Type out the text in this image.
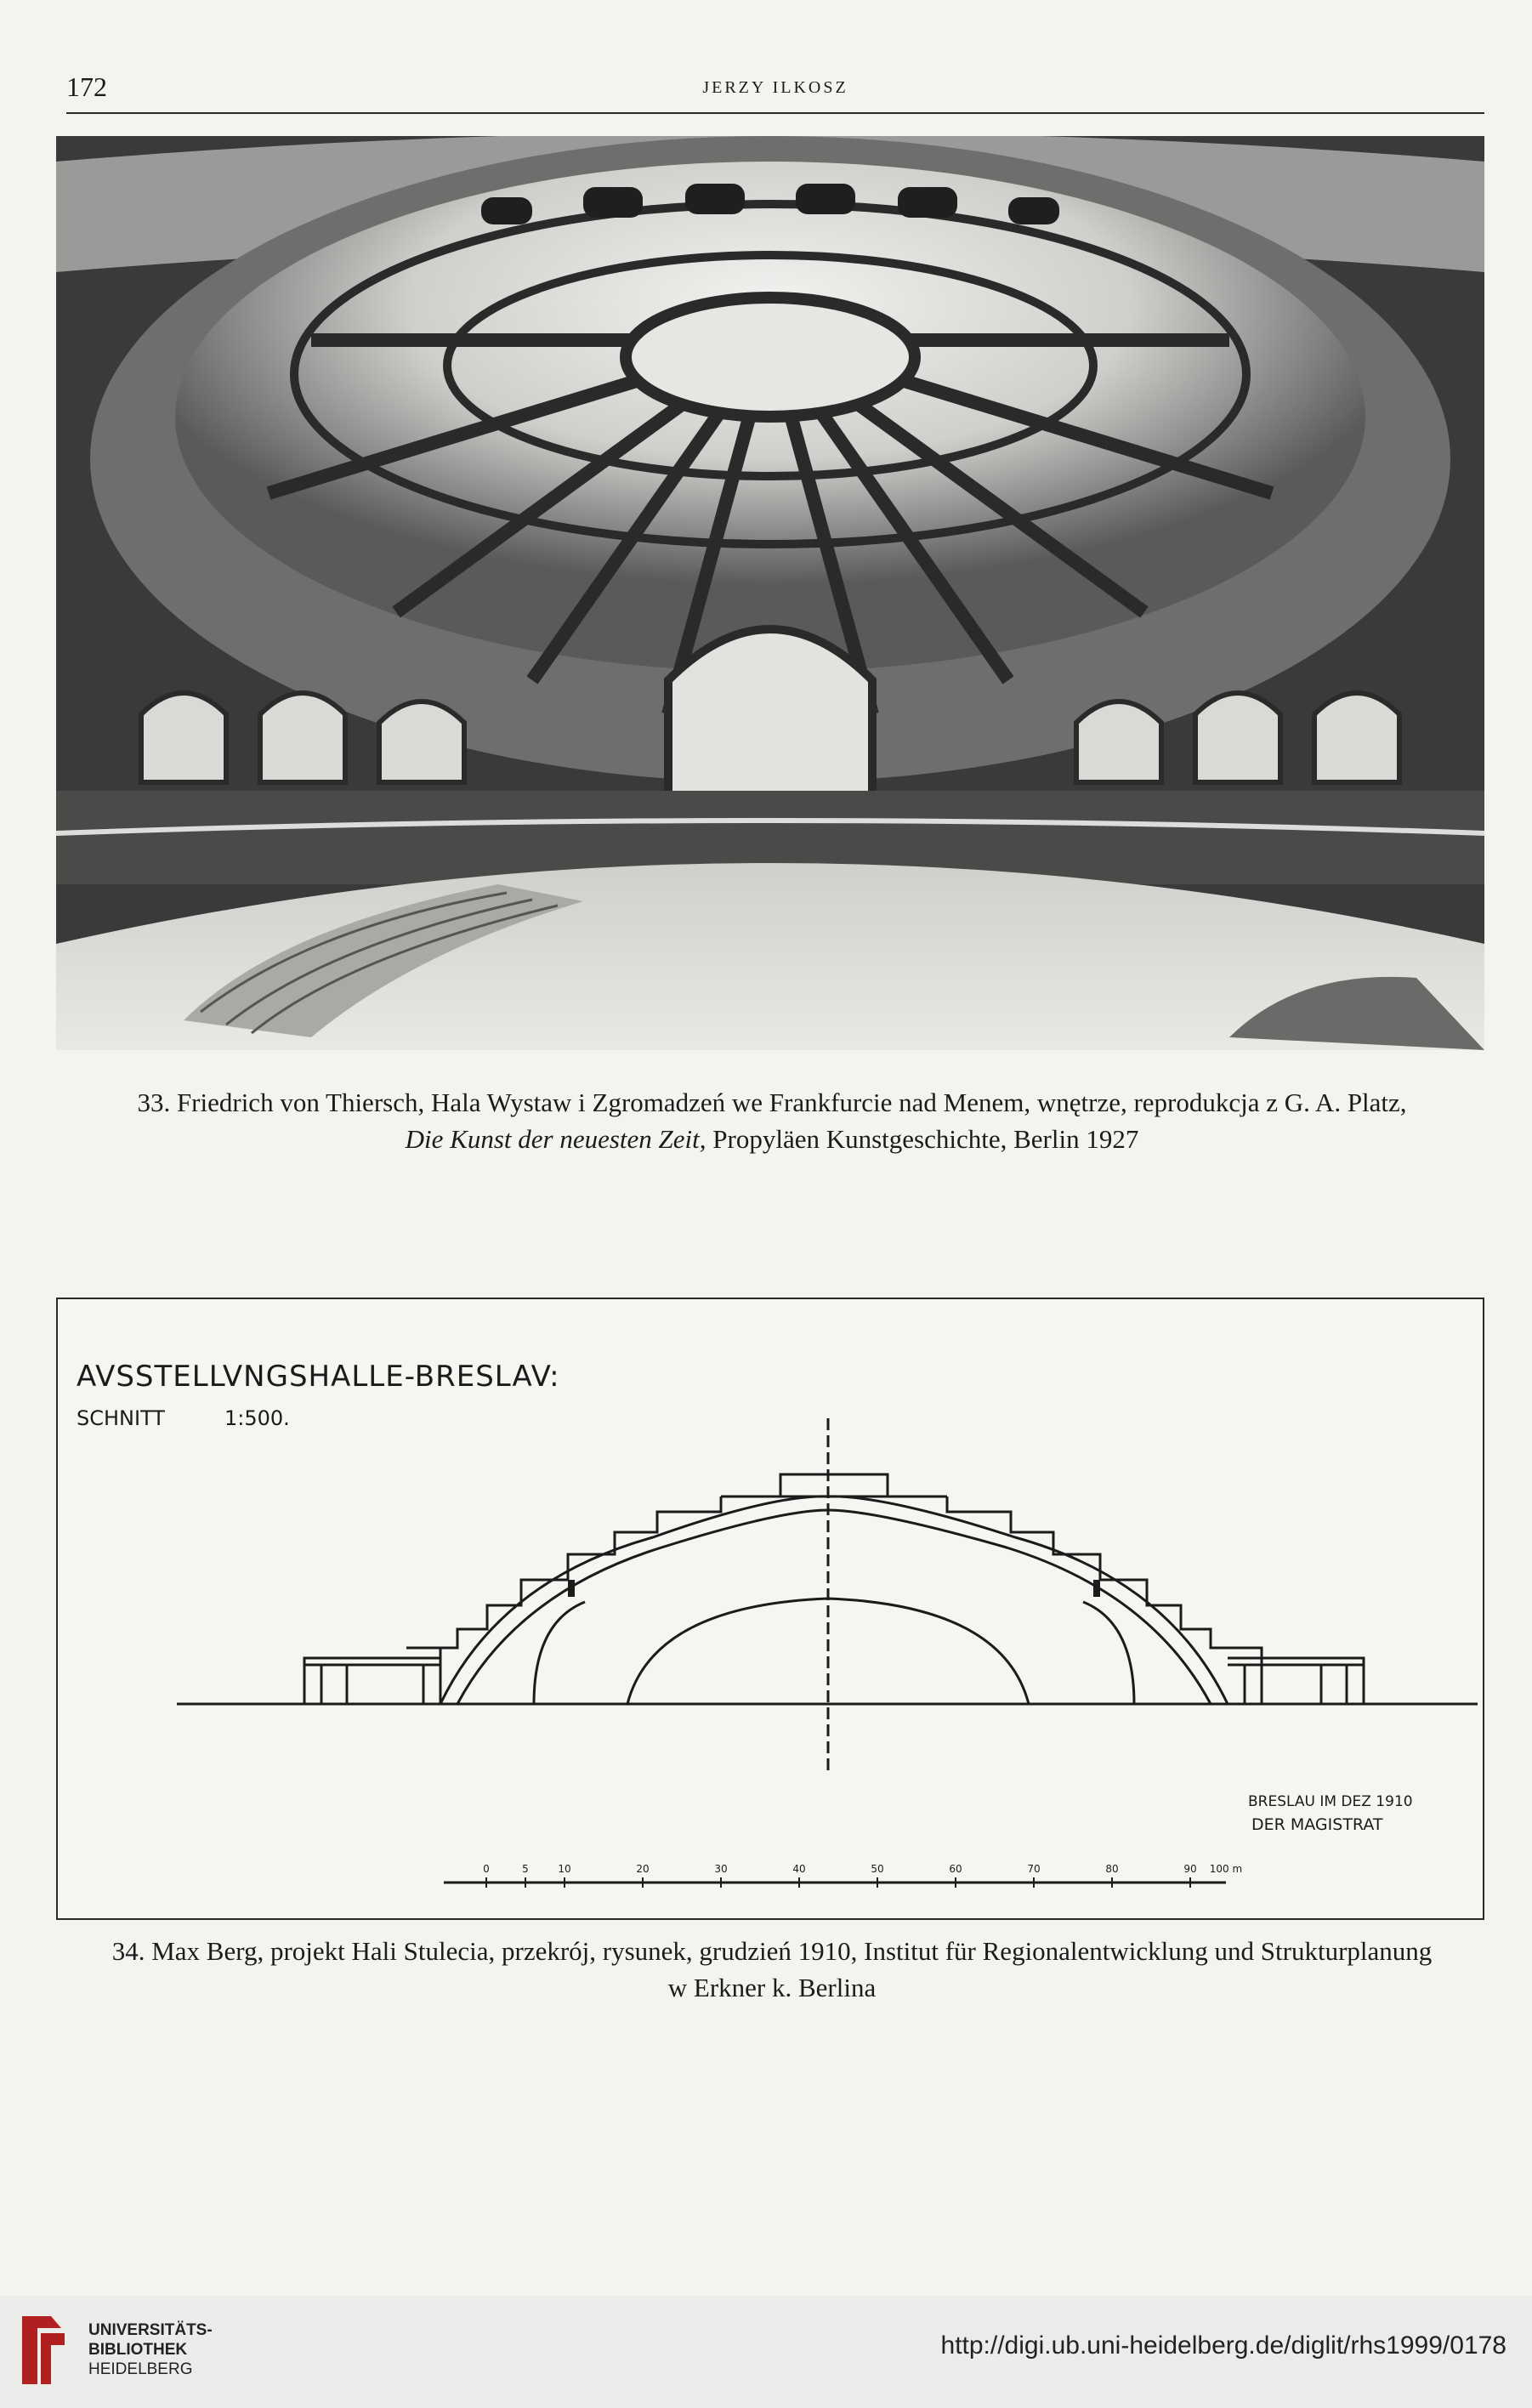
172	JERZY ILKOSZ
33. Friedrich von Thiersch, Hala Wystaw i Zgromadzeń we Frankfurcie nad Menem, wnętrze, reprodukcja z G. A. Platz,
Die Kunst der neuesten Zeit, Propyläen Kunstgeschichte, Berlin 1927
AVSSTELLVNGSHALLE-BRESLAV:
SCHNITT	1:500.
BRESLAU IM DEZ 1910
DER MAGISTRAT
0	5	10	20	30	40	50	60	70	80	90 100 m
34. Max Berg, projekt Hali Stulecia, przekrój, rysunek, grudzień 1910, Institut für Regionalentwicklung und Strukturplanung
w Erkner k. Berlina
UNIVERSITÄTS-
BIBLIOTHEK
HEIDELBERG
http://digi.ub.uni-heidelberg.de/diglit/rhs1999/0178
